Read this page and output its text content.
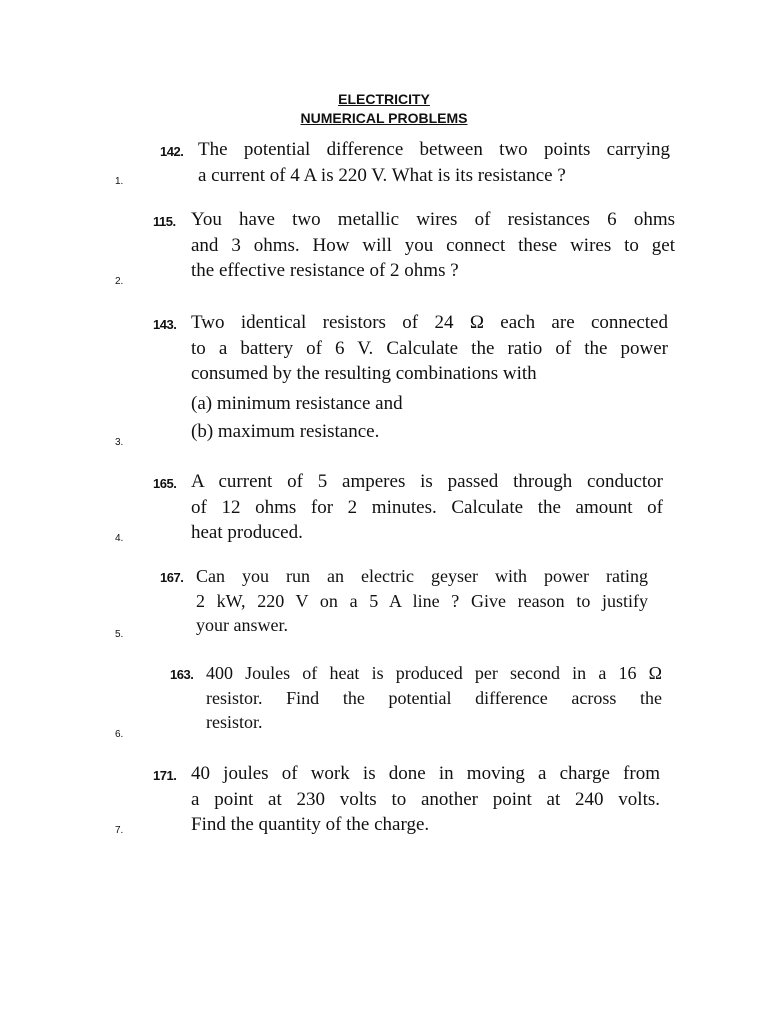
ELECTRICITY
NUMERICAL PROBLEMS
1.
142. The potential difference between two points carrying
a current of 4 A is 220 V. What is its resistance ?
2.
115. You have two metallic wires of resistances 6 ohms
and 3 ohms. How will you connect these wires to get
the effective resistance of 2 ohms ?
3.
143. Two identical resistors of 24 Ω each are connected
to a battery of 6 V. Calculate the ratio of the power
consumed by the resulting combinations with
(a) minimum resistance and
(b) maximum resistance.
4.
165. A current of 5 amperes is passed through conductor
of 12 ohms for 2 minutes. Calculate the amount of
heat produced.
5.
167. Can you run an electric geyser with power rating
2 kW, 220 V on a 5 A line ? Give reason to justify
your answer.
6.
163. 400 Joules of heat is produced per second in a 16 Ω
resistor. Find the potential difference across the
resistor.
7.
171. 40 joules of work is done in moving a charge from
a point at 230 volts to another point at 240 volts.
Find the quantity of the charge.
